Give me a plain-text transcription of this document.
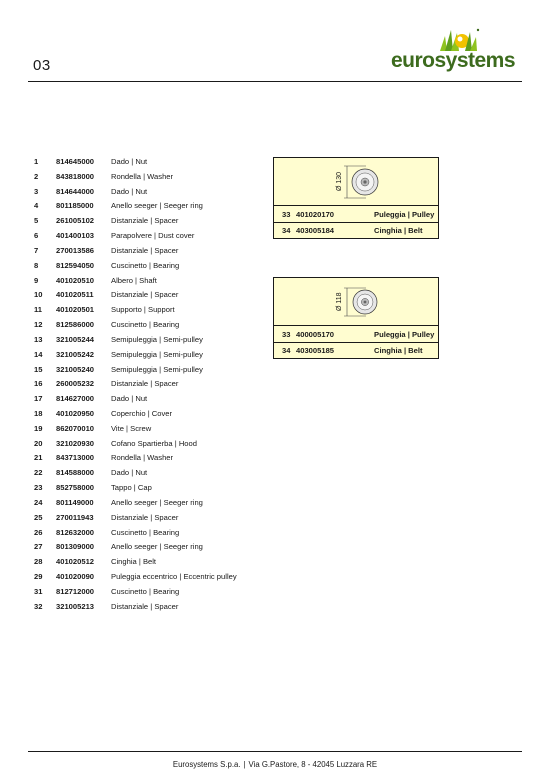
03	eurosystems
1	814645000	Dado | Nut
2	843818000	Rondella | Washer
3	814644000	Dado | Nut
4	801185000	Anello seeger | Seeger ring
5	261005102	Distanziale | Spacer
6	401400103	Parapolvere | Dust cover
7	270013586	Distanziale | Spacer
8	812594050	Cuscinetto | Bearing
9	401020510	Albero | Shaft
10	401020511	Distanziale | Spacer
11	401020501	Supporto | Support
12	812586000	Cuscinetto | Bearing
13	321005244	Semipuleggia | Semi-pulley
14	321005242	Semipuleggia | Semi-pulley
15	321005240	Semipuleggia | Semi-pulley
16	260005232	Distanziale | Spacer
17	814627000	Dado | Nut
18	401020950	Coperchio | Cover
19	862070010	Vite | Screw
20	321020930	Cofano Spartierba | Hood
21	843713000	Rondella | Washer
22	814588000	Dado | Nut
23	852758000	Tappo | Cap
24	801149000	Anello seeger | Seeger ring
25	270011943	Distanziale | Spacer
26	812632000	Cuscinetto | Bearing
27	801309000	Anello seeger | Seeger ring
28	401020512	Cinghia | Belt
29	401020090	Puleggia eccentrico | Eccentric pulley
31	812712000	Cuscinetto | Bearing
32	321005213	Distanziale | Spacer
Ø 130
33 401020170	Puleggia | Pulley
34 403005184	Cinghia | Belt
Ø 118
33 400005170	Puleggia | Pulley
34 403005185	Cinghia | Belt
Eurosystems S.p.a. | Via G.Pastore, 8 - 42045 Luzzara RE
